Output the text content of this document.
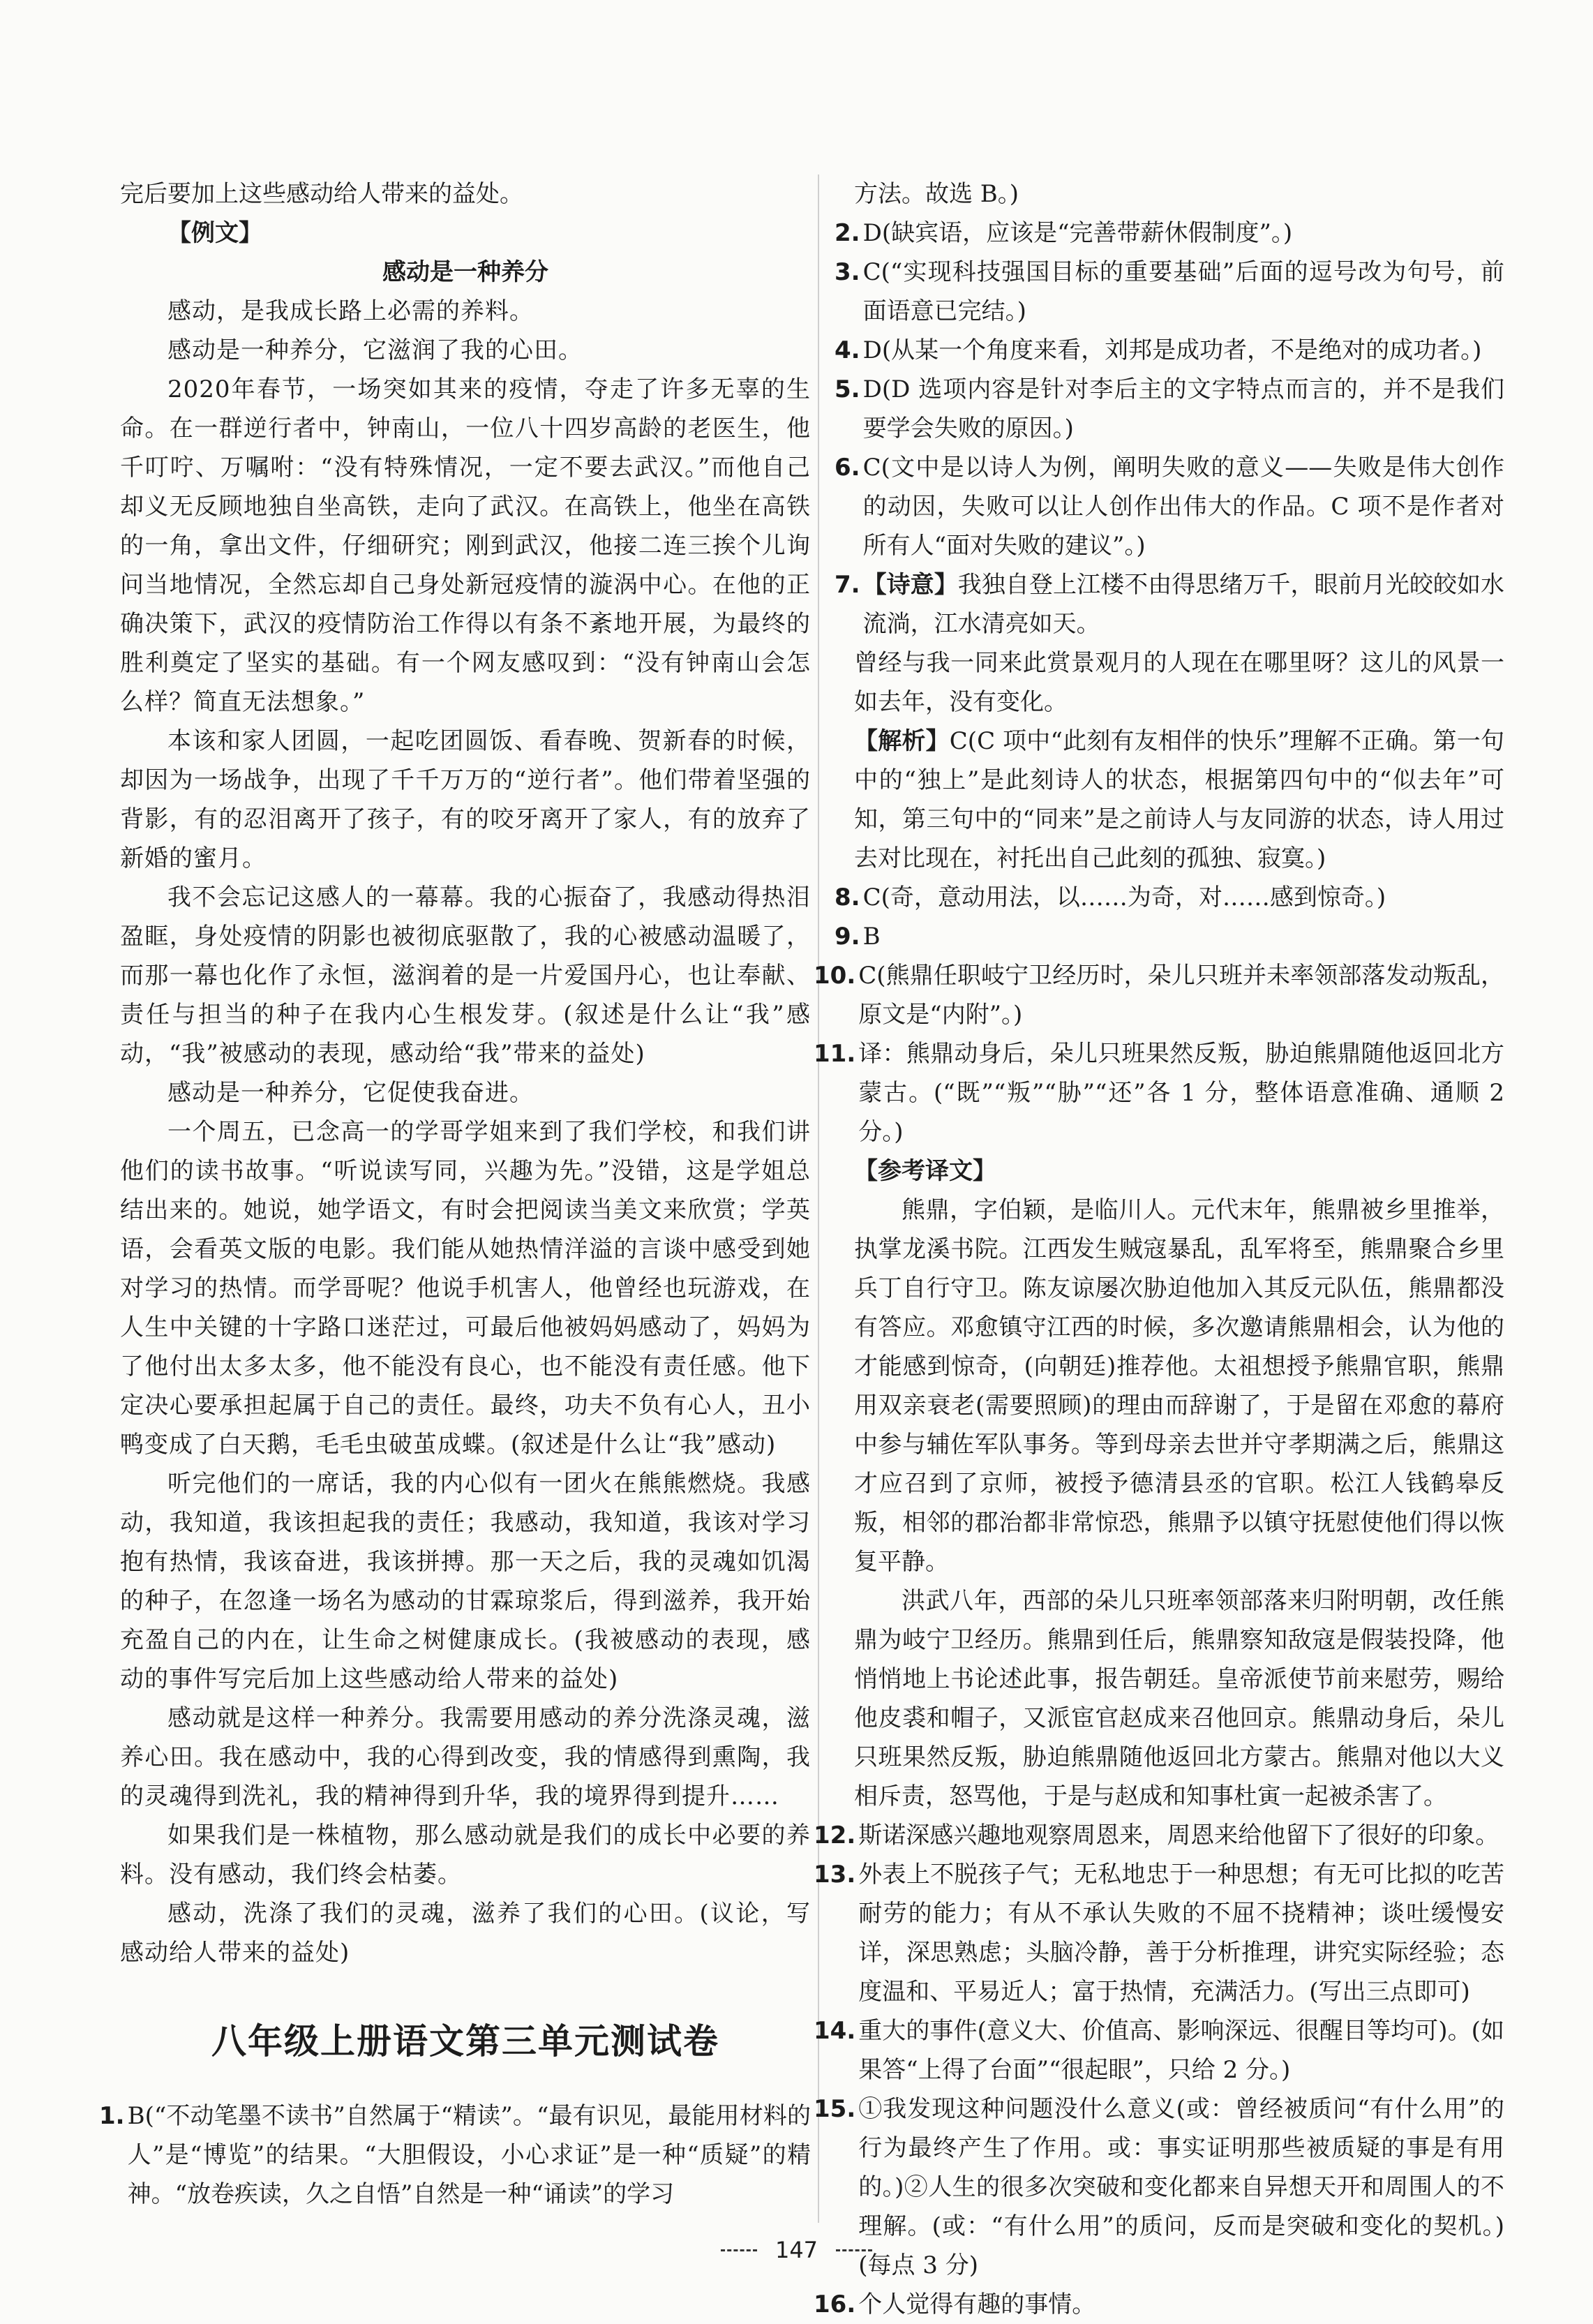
完后要加上这些感动给人带来的益处。

【例文】

感动是一种养分

感动，是我成长路上必需的养料。

感动是一种养分，它滋润了我的心田。

2020年春节，一场突如其来的疫情，夺走了许多无辜的生命。在一群逆行者中，钟南山，一位八十四岁高龄的老医生，他千叮咛、万嘱咐：“没有特殊情况，一定不要去武汉。”而他自己却义无反顾地独自坐高铁，走向了武汉。在高铁上，他坐在高铁的一角，拿出文件，仔细研究；刚到武汉，他接二连三挨个儿询问当地情况，全然忘却自己身处新冠疫情的漩涡中心。在他的正确决策下，武汉的疫情防治工作得以有条不紊地开展，为最终的胜利奠定了坚实的基础。有一个网友感叹到：“没有钟南山会怎么样？简直无法想象。”

本该和家人团圆，一起吃团圆饭、看春晚、贺新春的时候，却因为一场战争，出现了千千万万的“逆行者”。他们带着坚强的背影，有的忍泪离开了孩子，有的咬牙离开了家人，有的放弃了新婚的蜜月。

我不会忘记这感人的一幕幕。我的心振奋了，我感动得热泪盈眶，身处疫情的阴影也被彻底驱散了，我的心被感动温暖了，而那一幕也化作了永恒，滋润着的是一片爱国丹心，也让奉献、责任与担当的种子在我内心生根发芽。(叙述是什么让“我”感动，“我”被感动的表现，感动给“我”带来的益处)

感动是一种养分，它促使我奋进。

一个周五，已念高一的学哥学姐来到了我们学校，和我们讲他们的读书故事。“听说读写同，兴趣为先。”没错，这是学姐总结出来的。她说，她学语文，有时会把阅读当美文来欣赏；学英语，会看英文版的电影。我们能从她热情洋溢的言谈中感受到她对学习的热情。而学哥呢？他说手机害人，他曾经也玩游戏，在人生中关键的十字路口迷茫过，可最后他被妈妈感动了，妈妈为了他付出太多太多，他不能没有良心，也不能没有责任感。他下定决心要承担起属于自己的责任。最终，功夫不负有心人，丑小鸭变成了白天鹅，毛毛虫破茧成蝶。(叙述是什么让“我”感动)

听完他们的一席话，我的内心似有一团火在熊熊燃烧。我感动，我知道，我该担起我的责任；我感动，我知道，我该对学习抱有热情，我该奋进，我该拼搏。那一天之后，我的灵魂如饥渴的种子，在忽逢一场名为感动的甘霖琼浆后，得到滋养，我开始充盈自己的内在，让生命之树健康成长。(我被感动的表现，感动的事件写完后加上这些感动给人带来的益处)

感动就是这样一种养分。我需要用感动的养分洗涤灵魂，滋养心田。我在感动中，我的心得到改变，我的情感得到熏陶，我的灵魂得到洗礼，我的精神得到升华，我的境界得到提升……

如果我们是一株植物，那么感动就是我们的成长中必要的养料。没有感动，我们终会枯萎。

感动，洗涤了我们的灵魂，滋养了我们的心田。(议论，写感动给人带来的益处)

八年级上册语文第三单元测试卷
1. B(“不动笔墨不读书”自然属于“精读”。“最有识见，最能用材料的人”是“博览”的结果。“大胆假设，小心求证”是一种“质疑”的精神。“放卷疾读，久之自悟”自然是一种“诵读”的学习

方法。故选 B。)

2. D(缺宾语，应该是“完善带薪休假制度”。)
3. C(“实现科技强国目标的重要基础”后面的逗号改为句号，前面语意已完结。)
4. D(从某一个角度来看，刘邦是成功者，不是绝对的成功者。)
5. D(D 选项内容是针对李后主的文字特点而言的，并不是我们要学会失败的原因。)
6. C(文中是以诗人为例，阐明失败的意义——失败是伟大创作的动因，失败可以让人创作出伟大的作品。C 项不是作者对所有人“面对失败的建议”。)
7. 【诗意】我独自登上江楼不由得思绪万千，眼前月光皎皎如水流淌，江水清亮如天。

曾经与我一同来此赏景观月的人现在在哪里呀？这儿的风景一如去年，没有变化。

【解析】C(C 项中“此刻有友相伴的快乐”理解不正确。第一句中的“独上”是此刻诗人的状态，根据第四句中的“似去年”可知，第三句中的“同来”是之前诗人与友同游的状态，诗人用过去对比现在，衬托出自己此刻的孤独、寂寞。)

8. C(奇，意动用法，以……为奇，对……感到惊奇。)
9. B
10. C(熊鼎任职岐宁卫经历时，朵儿只班并未率领部落发动叛乱，原文是“内附”。)
11. 译：熊鼎动身后，朵儿只班果然反叛，胁迫熊鼎随他返回北方蒙古。(“既”“叛”“胁”“还”各 1 分，整体语意准确、通顺 2 分。)

【参考译文】

熊鼎，字伯颖，是临川人。元代末年，熊鼎被乡里推举，执掌龙溪书院。江西发生贼寇暴乱，乱军将至，熊鼎聚合乡里兵丁自行守卫。陈友谅屡次胁迫他加入其反元队伍，熊鼎都没有答应。邓愈镇守江西的时候，多次邀请熊鼎相会，认为他的才能感到惊奇，(向朝廷)推荐他。太祖想授予熊鼎官职，熊鼎用双亲衰老(需要照顾)的理由而辞谢了，于是留在邓愈的幕府中参与辅佐军队事务。等到母亲去世并守孝期满之后，熊鼎这才应召到了京师，被授予德清县丞的官职。松江人钱鹤皋反叛，相邻的郡治都非常惊恐，熊鼎予以镇守抚慰使他们得以恢复平静。

洪武八年，西部的朵儿只班率领部落来归附明朝，改任熊鼎为岐宁卫经历。熊鼎到任后，熊鼎察知敌寇是假装投降，他悄悄地上书论述此事，报告朝廷。皇帝派使节前来慰劳，赐给他皮裘和帽子，又派宦官赵成来召他回京。熊鼎动身后，朵儿只班果然反叛，胁迫熊鼎随他返回北方蒙古。熊鼎对他以大义相斥责，怒骂他，于是与赵成和知事杜寅一起被杀害了。

12. 斯诺深感兴趣地观察周恩来，周恩来给他留下了很好的印象。
13. 外表上不脱孩子气；无私地忠于一种思想；有无可比拟的吃苦耐劳的能力；有从不承认失败的不屈不挠精神；谈吐缓慢安详，深思熟虑；头脑冷静，善于分析推理，讲究实际经验；态度温和、平易近人；富于热情，充满活力。(写出三点即可)
14. 重大的事件(意义大、价值高、影响深远、很醒目等均可)。(如果答“上得了台面”“很起眼”，只给 2 分。)
15. ①我发现这种问题没什么意义(或：曾经被质问“有什么用”的行为最终产生了作用。或：事实证明那些被质疑的事是有用的。)②人生的很多次突破和变化都来自异想天开和周围人的不理解。(或：“有什么用”的质问，反而是突破和变化的契机。)(每点 3 分)
16. 个人觉得有趣的事情。
147
